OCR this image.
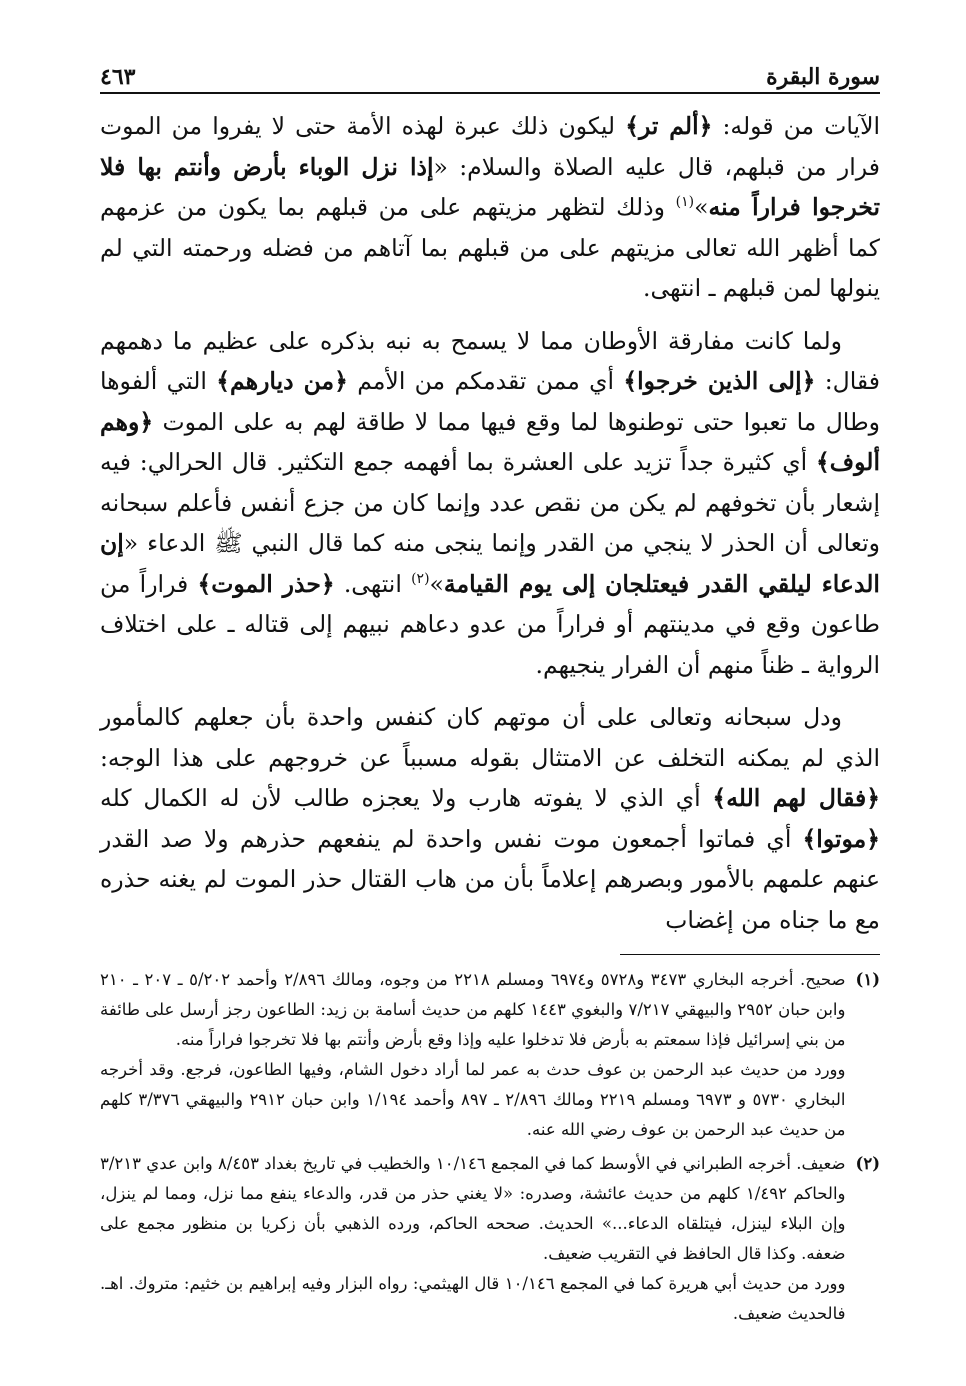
سورة البقرة
٤٦٣

الآيات من قوله: ﴿ألم تر﴾ ليكون ذلك عبرة لهذه الأمة حتى لا يفروا من الموت فرار من قبلهم، قال عليه الصلاة والسلام: «إذا نزل الوباء بأرض وأنتم بها فلا تخرجوا فراراً منه»$^{(١)}$ وذلك لتظهر مزيتهم على من قبلهم بما يكون من عزمهم كما أظهر الله تعالى مزيتهم على من قبلهم بما آتاهم من فضله ورحمته التي لم ينولها لمن قبلهم ـ انتهى.

ولما كانت مفارقة الأوطان مما لا يسمح به نبه بذكره على عظيم ما دهمهم فقال: ﴿إلى الذين خرجوا﴾ أي ممن تقدمكم من الأمم ﴿من ديارهم﴾ التي ألفوها وطال ما تعبوا حتى توطنوها لما وقع فيها مما لا طاقة لهم به على الموت ﴿وهم ألوف﴾ أي كثيرة جداً تزيد على العشرة بما أفهمه جمع التكثير. قال الحرالي: فيه إشعار بأن تخوفهم لم يكن من نقص عدد وإنما كان من جزع أنفس فأعلم سبحانه وتعالى أن الحذر لا ينجي من القدر وإنما ينجى منه كما قال النبي ﷺ الدعاء «إن الدعاء ليلقي القدر فيعتلجان إلى يوم القيامة»$^{(٢)}$ انتهى. ﴿حذر الموت﴾ فراراً من طاعون وقع في مدينتهم أو فراراً من عدو دعاهم نبيهم إلى قتاله ـ على اختلاف الرواية ـ ظناً منهم أن الفرار ينجيهم.

ودل سبحانه وتعالى على أن موتهم كان كنفس واحدة بأن جعلهم كالمأمور الذي لم يمكنه التخلف عن الامتثال بقوله مسبباً عن خروجهم على هذا الوجه: ﴿فقال لهم الله﴾ أي الذي لا يفوته هارب ولا يعجزه طالب لأن له الكمال كله ﴿موتوا﴾ أي فماتوا أجمعون موت نفس واحدة لم ينفعهم حذرهم ولا صد القدر عنهم علمهم بالأمور وبصرهم إعلاماً بأن من هاب القتال حذر الموت لم يغنه حذره مع ما جناه من إغضاب

(١)

صحيح. أخرجه البخاري ٣٤٧٣ و٥٧٢٨ و٦٩٧٤ ومسلم ٢٢١٨ من وجوه، ومالك ٢/٨٩٦ وأحمد ٥/٢٠٢ ـ ٢٠٧ ـ ٢١٠ وابن حبان ٢٩٥٢ والبيهقي ٧/٢١٧ والبغوي ١٤٤٣ كلهم من حديث أسامة بن زيد: الطاعون رجز أرسل على طائفة من بني إسرائيل فإذا سمعتم به بأرض فلا تدخلوا عليه وإذا وقع بأرض وأنتم بها فلا تخرجوا فراراً منه.

وورد من حديث عبد الرحمن بن عوف حدث به عمر لما أراد دخول الشام، وفيها الطاعون، فرجع. وقد أخرجه البخاري ٥٧٣٠ و ٦٩٧٣ ومسلم ٢٢١٩ ومالك ٢/٨٩٦ ـ ٨٩٧ وأحمد ١/١٩٤ وابن حبان ٢٩١٢ والبيهقي ٣/٣٧٦ كلهم من حديث عبد الرحمن بن عوف رضي الله عنه.

(٢)

ضعيف. أخرجه الطبراني في الأوسط كما في المجمع ١٠/١٤٦ والخطيب في تاريخ بغداد ٨/٤٥٣ وابن عدي ٣/٢١٣ والحاكم ١/٤٩٢ كلهم من حديث عائشة، وصدره: «لا يغني حذر من قدر، والدعاء ينفع مما نزل، ومما لم ينزل، وإن البلاء لينزل، فيتلقاه الدعاء...» الحديث. صححه الحاكم، ورده الذهبي بأن زكريا بن منظور مجمع على ضعفه. وكذا قال الحافظ في التقريب ضعيف.

وورد من حديث أبي هريرة كما في المجمع ١٠/١٤٦ قال الهيثمي: رواه البزار وفيه إبراهيم بن خثيم: متروك. اهـ. فالحديث ضعيف.
